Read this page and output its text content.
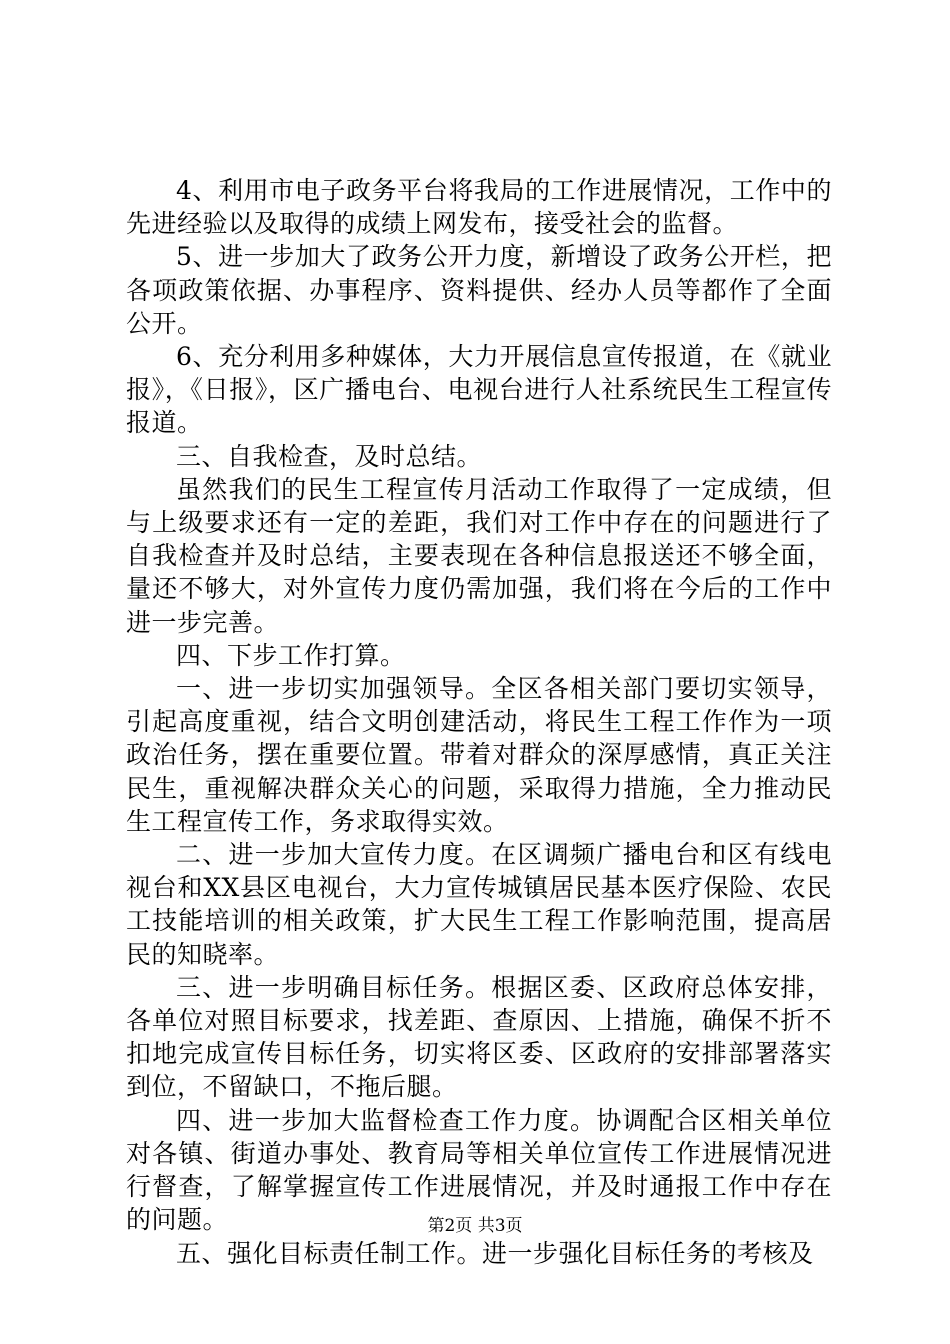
4、利用市电子政务平台将我局的工作进展情况，工作中的先进经验以及取得的成绩上网发布，接受社会的监督。

5、进一步加大了政务公开力度，新增设了政务公开栏，把各项政策依据、办事程序、资料提供、经办人员等都作了全面公开。

6、充分利用多种媒体，大力开展信息宣传报道，在《就业报》，《日报》，区广播电台、电视台进行人社系统民生工程宣传报道。

三、自我检查，及时总结。

虽然我们的民生工程宣传月活动工作取得了一定成绩，但与上级要求还有一定的差距，我们对工作中存在的问题进行了自我检查并及时总结，主要表现在各种信息报送还不够全面，量还不够大，对外宣传力度仍需加强，我们将在今后的工作中进一步完善。

四、下步工作打算。

一、进一步切实加强领导。全区各相关部门要切实领导，引起高度重视，结合文明创建活动，将民生工程工作作为一项政治任务，摆在重要位置。带着对群众的深厚感情，真正关注民生，重视解决群众关心的问题，采取得力措施，全力推动民生工程宣传工作，务求取得实效。

二、进一步加大宣传力度。在区调频广播电台和区有线电视台和XX县区电视台，大力宣传城镇居民基本医疗保险、农民工技能培训的相关政策，扩大民生工程工作影响范围，提高居民的知晓率。

三、进一步明确目标任务。根据区委、区政府总体安排，各单位对照目标要求，找差距、查原因、上措施，确保不折不扣地完成宣传目标任务，切实将区委、区政府的安排部署落实到位，不留缺口，不拖后腿。

四、进一步加大监督检查工作力度。协调配合区相关单位对各镇、街道办事处、教育局等相关单位宣传工作进展情况进行督查，了解掌握宣传工作进展情况，并及时通报工作中存在的问题。

五、强化目标责任制工作。进一步强化目标任务的考核及

第2页 共3页
